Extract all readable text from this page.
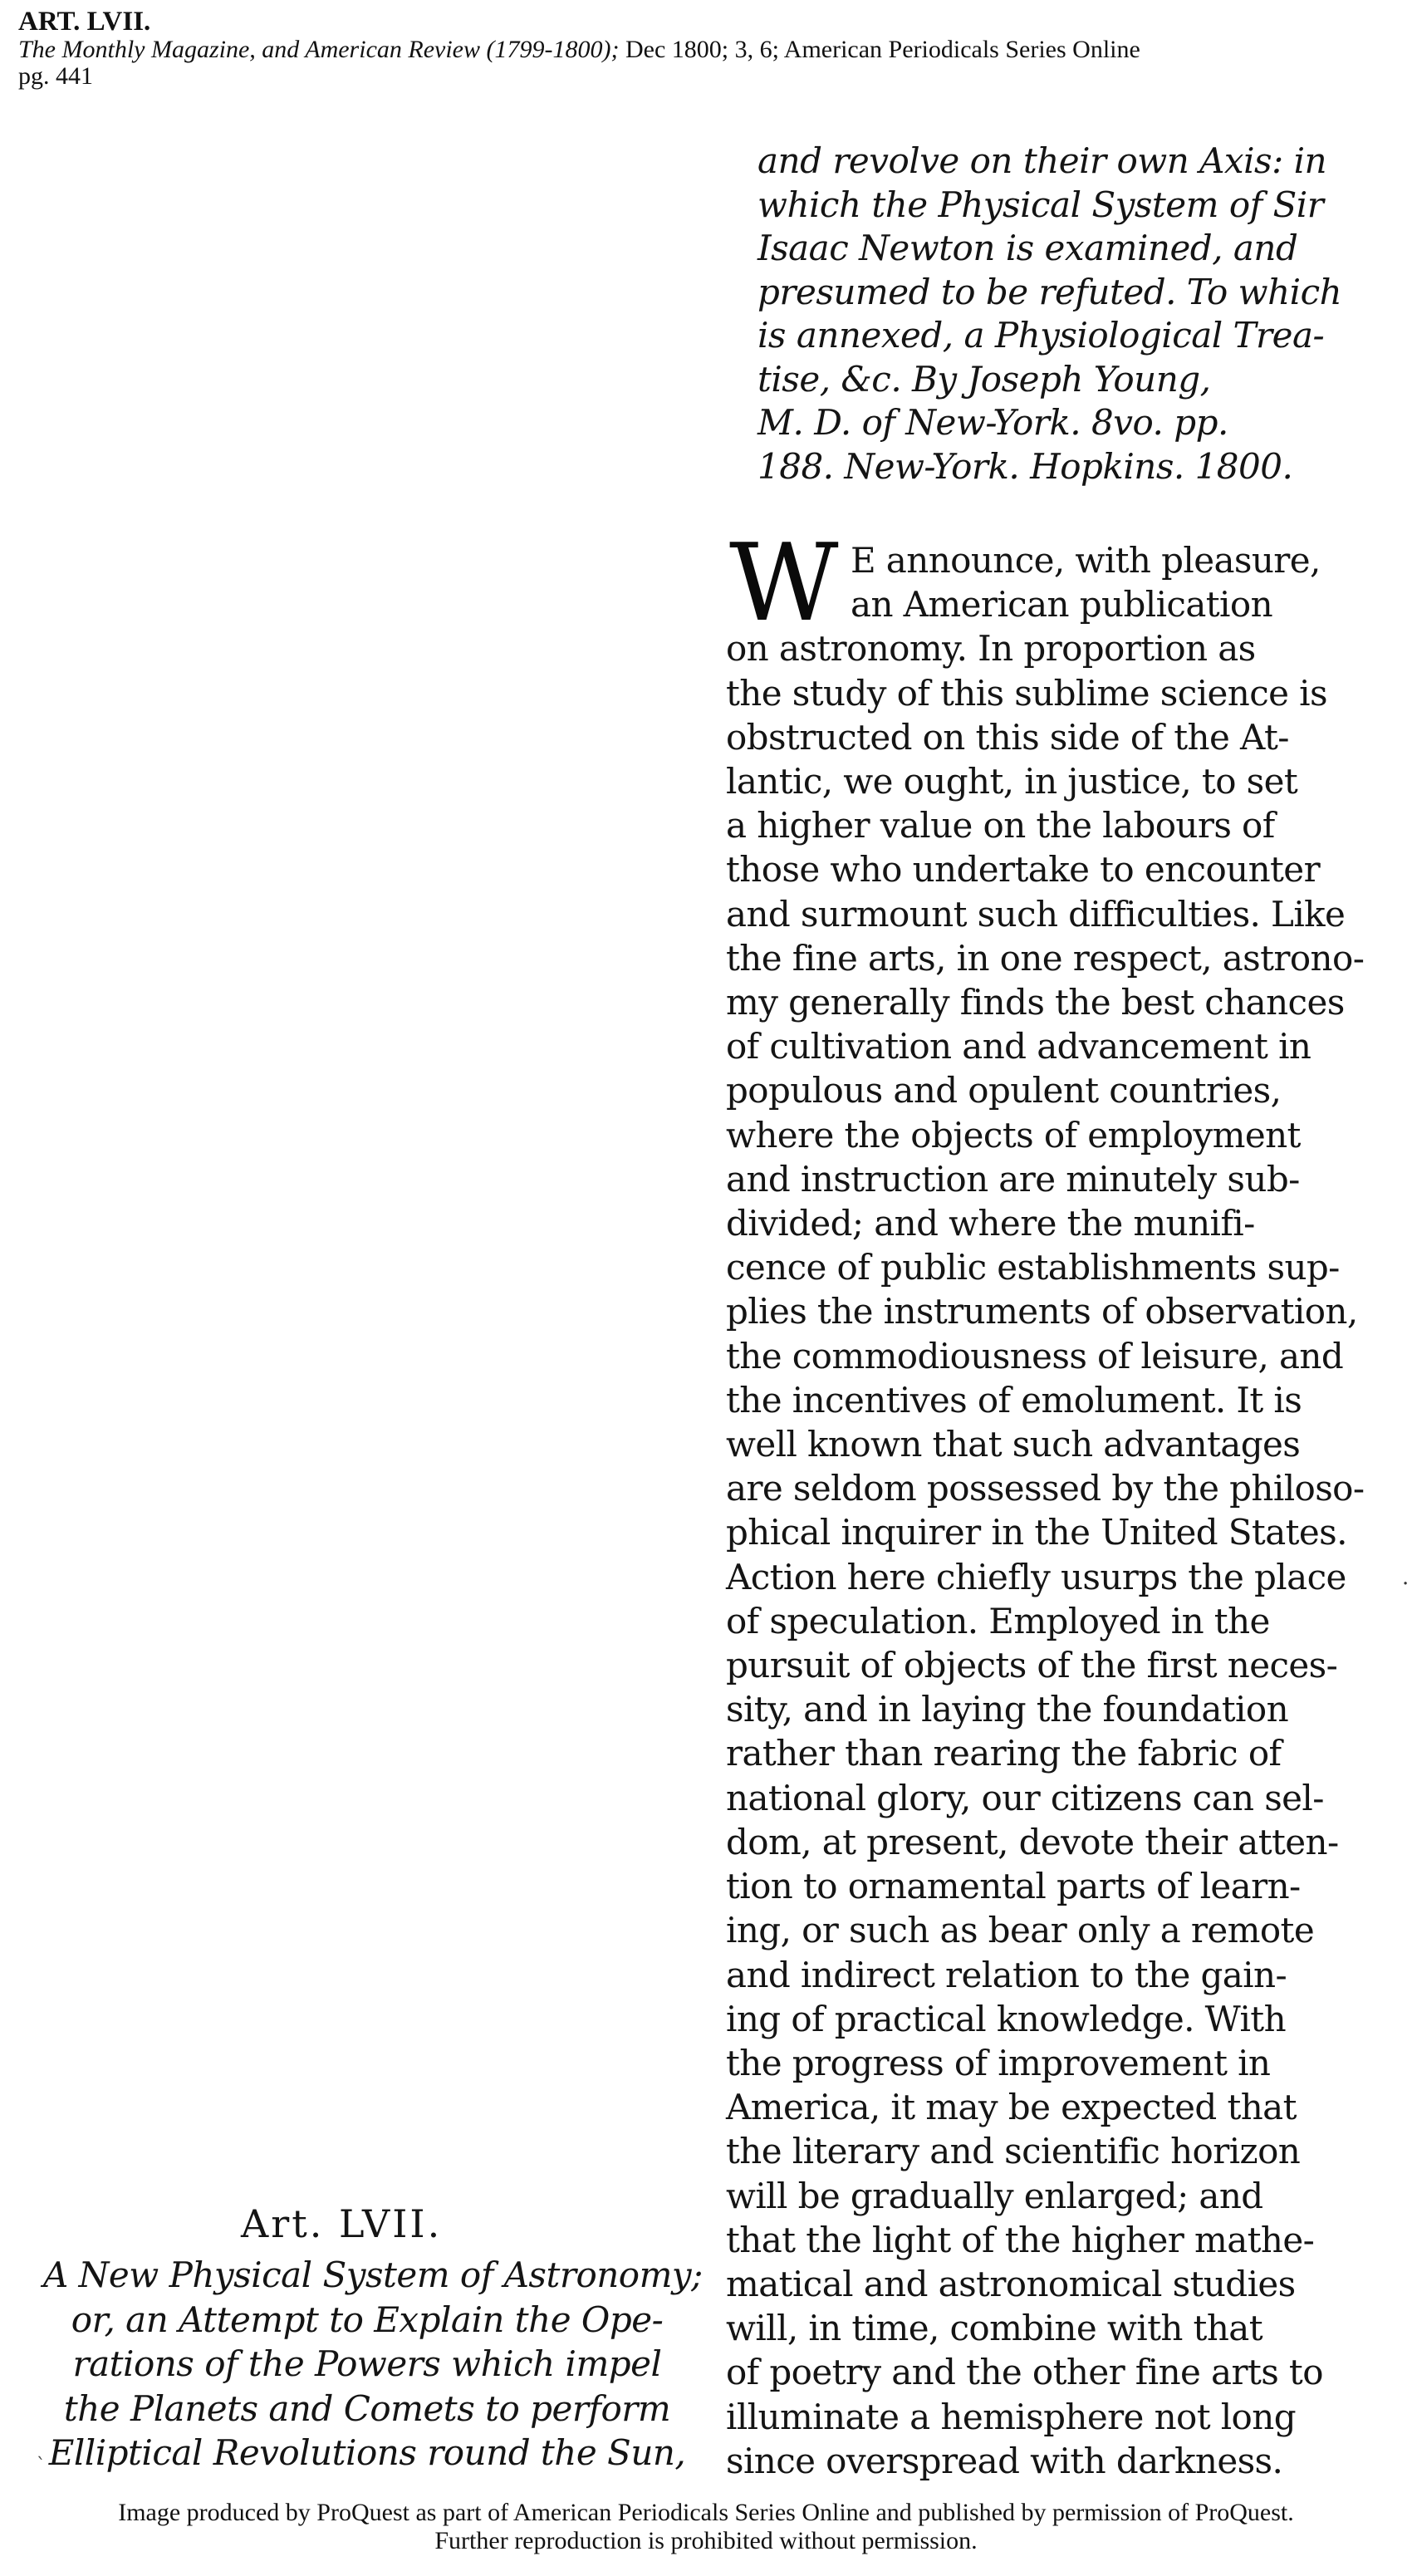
ART. LVII.
The Monthly Magazine, and American Review (1799-1800); Dec 1800; 3, 6; American Periodicals Series Online
pg. 441
and revolve on their own Axis: in
which the Physical System of Sir
Isaac Newton is examined, and
presumed to be refuted. To which
is annexed, a Physiological Trea-
tise, &c. By Joseph Young,
M. D. of New-York. 8vo. pp.
188. New-York. Hopkins. 1800.
W E announce, with pleasure,
an American publication
on astronomy. In proportion as
the study of this sublime science is
obstructed on this side of the At-
lantic, we ought, in justice, to set
a higher value on the labours of
those who undertake to encounter
and surmount such difficulties. Like
the fine arts, in one respect, astrono-
my generally finds the best chances
of cultivation and advancement in
populous and opulent countries,
where the objects of employment
and instruction are minutely sub-
divided; and where the munifi-
cence of public establishments sup-
plies the instruments of observation,
the commodiousness of leisure, and
the incentives of emolument. It is
well known that such advantages
are seldom possessed by the philoso-
phical inquirer in the United States.
Action here chiefly usurps the place
of speculation. Employed in the
pursuit of objects of the first neces-
sity, and in laying the foundation
rather than rearing the fabric of
national glory, our citizens can sel-
dom, at present, devote their atten-
tion to ornamental parts of learn-
ing, or such as bear only a remote
and indirect relation to the gain-
ing of practical knowledge. With
the progress of improvement in
America, it may be expected that
the literary and scientific horizon
will be gradually enlarged; and
that the light of the higher mathe-
matical and astronomical studies
will, in time, combine with that
of poetry and the other fine arts to
illuminate a hemisphere not long
since overspread with darkness.
Art. LVII.
A New Physical System of Astronomy;
or, an Attempt to Explain the Ope-
rations of the Powers which impel
the Planets and Comets to perform
Elliptical Revolutions round the Sun,
·
`
Image produced by ProQuest as part of American Periodicals Series Online and published by permission of ProQuest.
Further reproduction is prohibited without permission.
